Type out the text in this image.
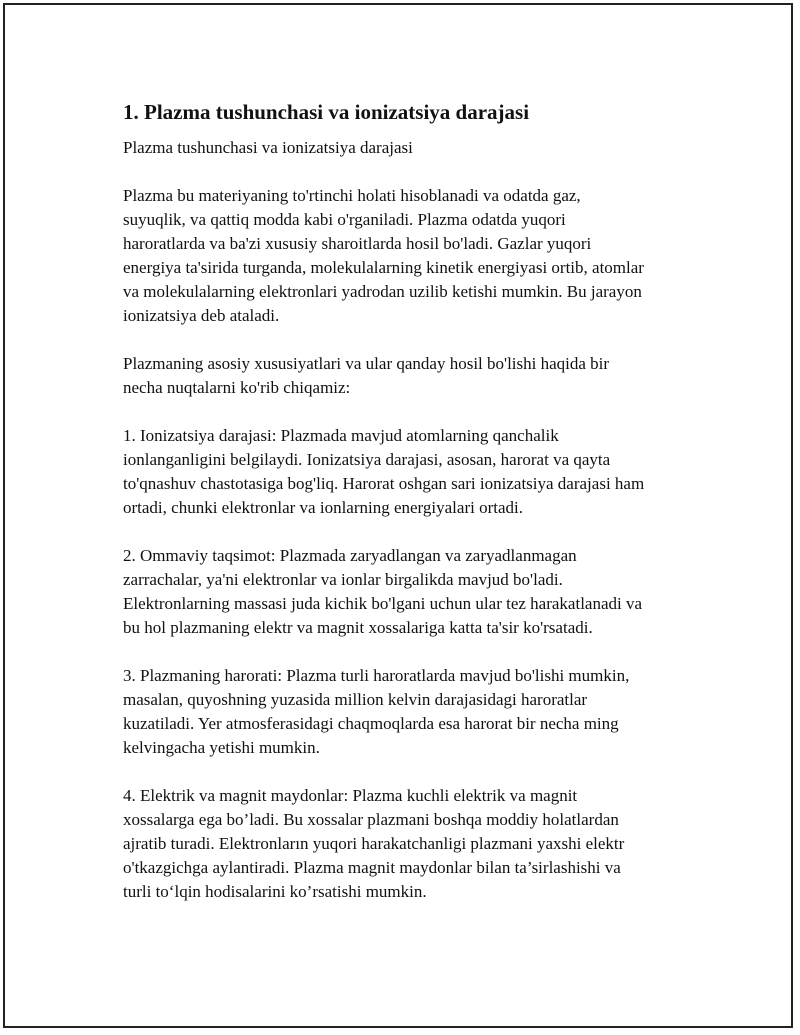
1. Plazma tushunchasi va ionizatsiya darajasi

Plazma tushunchasi va ionizatsiya darajasi

Plazma bu materiyaning to'rtinchi holati hisoblanadi va odatda gaz,
suyuqlik, va qattiq modda kabi o'rganiladi. Plazma odatda yuqori
haroratlarda va ba'zi xususiy sharoitlarda hosil bo'ladi. Gazlar yuqori
energiya ta'sirida turganda, molekulalarning kinetik energiyasi ortib, atomlar
va molekulalarning elektronlari yadrodan uzilib ketishi mumkin. Bu jarayon
ionizatsiya deb ataladi.

Plazmaning asosiy xususiyatlari va ular qanday hosil bo'lishi haqida bir
necha nuqtalarni ko'rib chiqamiz:

1. Ionizatsiya darajasi: Plazmada mavjud atomlarning qanchalik
ionlanganligini belgilaydi. Ionizatsiya darajasi, asosan, harorat va qayta
to'qnashuv chastotasiga bog'liq. Harorat oshgan sari ionizatsiya darajasi ham
ortadi, chunki elektronlar va ionlarning energiyalari ortadi.

2. Ommaviy taqsimot: Plazmada zaryadlangan va zaryadlanmagan
zarrachalar, ya'ni elektronlar va ionlar birgalikda mavjud bo'ladi.
Elektronlarning massasi juda kichik bo'lgani uchun ular tez harakatlanadi va
bu hol plazmaning elektr va magnit xossalariga katta ta'sir ko'rsatadi.

3. Plazmaning harorati: Plazma turli haroratlarda mavjud bo'lishi mumkin,
masalan, quyoshning yuzasida million kelvin darajasidagi haroratlar
kuzatiladi. Yer atmosferasidagi chaqmoqlarda esa harorat bir necha ming
kelvingacha yetishi mumkin.

4. Elektrik va magnit maydonlar: Plazma kuchli elektrik va magnit
xossalarga ega bo’ladi. Bu xossalar plazmani boshqa moddiy holatlardan
ajratib turadi. Elektronların yuqori harakatchanligi plazmani yaxshi elektr
o'tkazgichga aylantiradi. Plazma magnit maydonlar bilan ta’sirlashishi va
turli to‘lqin hodisalarini ko’rsatishi mumkin.
